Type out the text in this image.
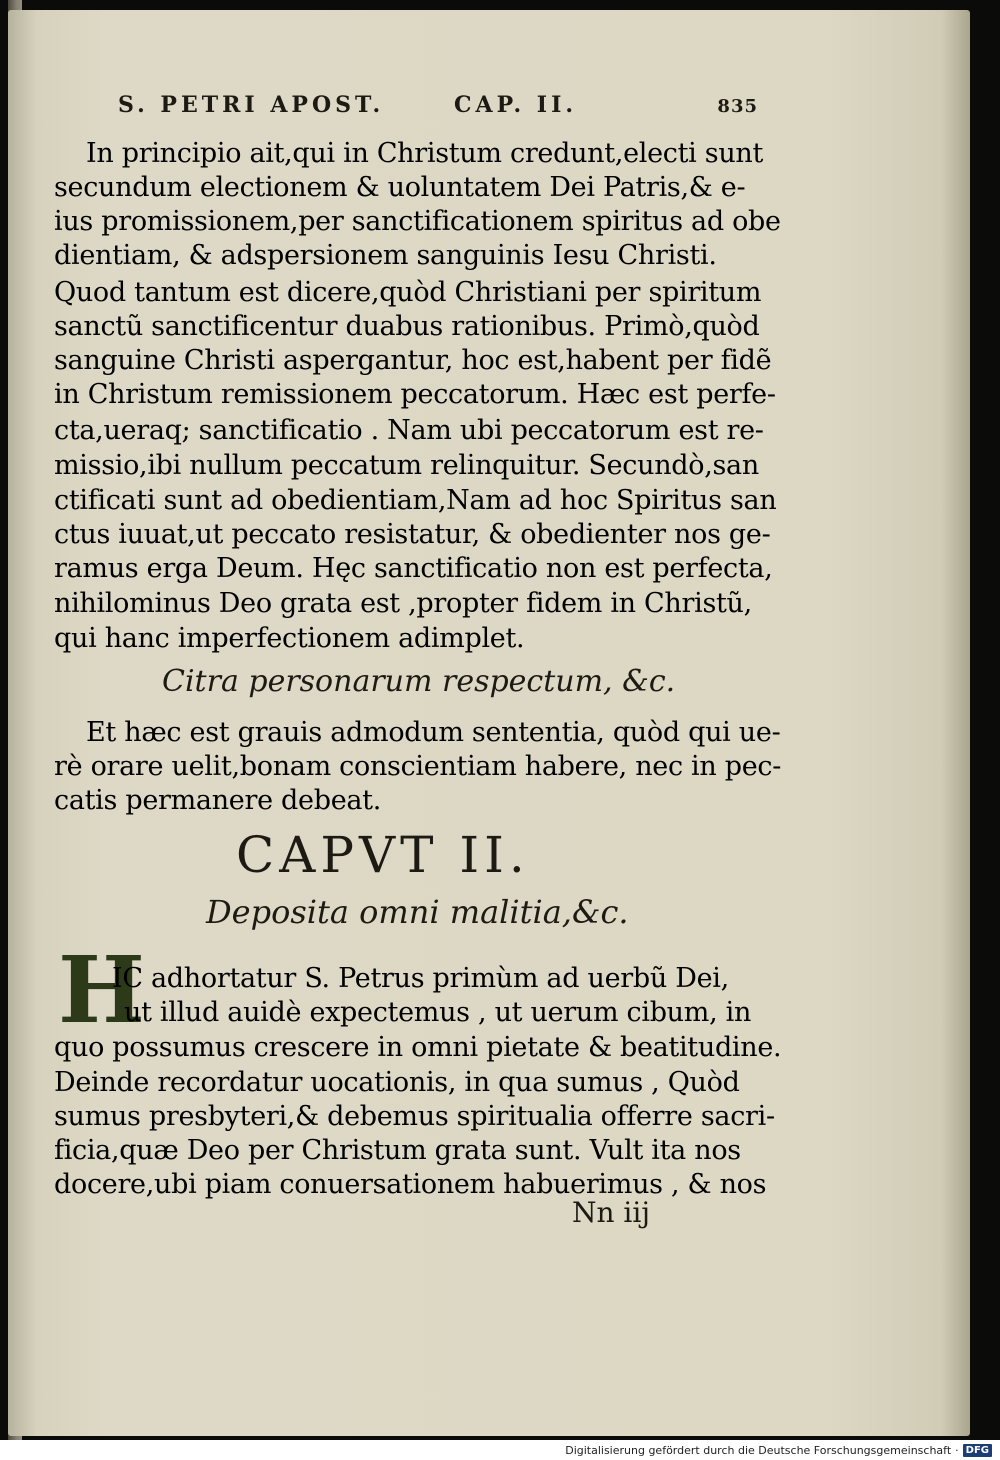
S. PETRI APOST.	CAP. II.	835
In principio ait,qui in Christum credunt,electi sunt
secundum electionem & uoluntatem Dei Patris,& e-
ius promissionem,per sanctificationem spiritus ad obe
dientiam, & adspersionem sanguinis Iesu Christi.
Quod tantum est dicere,quòd Christiani per spiritum
sanctũ sanctificentur duabus rationibus. Primò,quòd
sanguine Christi aspergantur, hoc est,habent per fidẽ
in Christum remissionem peccatorum. Hæc est perfe-
cta,ueraq; sanctificatio . Nam ubi peccatorum est re-
missio,ibi nullum peccatum relinquitur. Secundò,san
ctificati sunt ad obedientiam,Nam ad hoc Spiritus san
ctus iuuat,ut peccato resistatur, & obedienter nos ge-
ramus erga Deum. Hęc sanctificatio non est perfecta,
nihilominus Deo grata est ,propter fidem in Christũ,
qui hanc imperfectionem adimplet.
Citra personarum respectum, &c.
Et hæc est grauis admodum sententia, quòd qui ue-
rè orare uelit,bonam conscientiam habere, nec in pec-
catis permanere debeat.
CAPVT II.
Deposita omni malitia,&c.
H
IC adhortatur S. Petrus primùm ad uerbũ Dei,
ut illud auidè expectemus , ut uerum cibum, in
quo possumus crescere in omni pietate & beatitudine.
Deinde recordatur uocationis, in qua sumus , Quòd
sumus presbyteri,& debemus spiritualia offerre sacri-
ficia,quæ Deo per Christum grata sunt. Vult ita nos
docere,ubi piam conuersationem habuerimus , & nos
Nn iij
Digitalisierung gefördert durch die Deutsche Forschungsgemeinschaft · DFG
